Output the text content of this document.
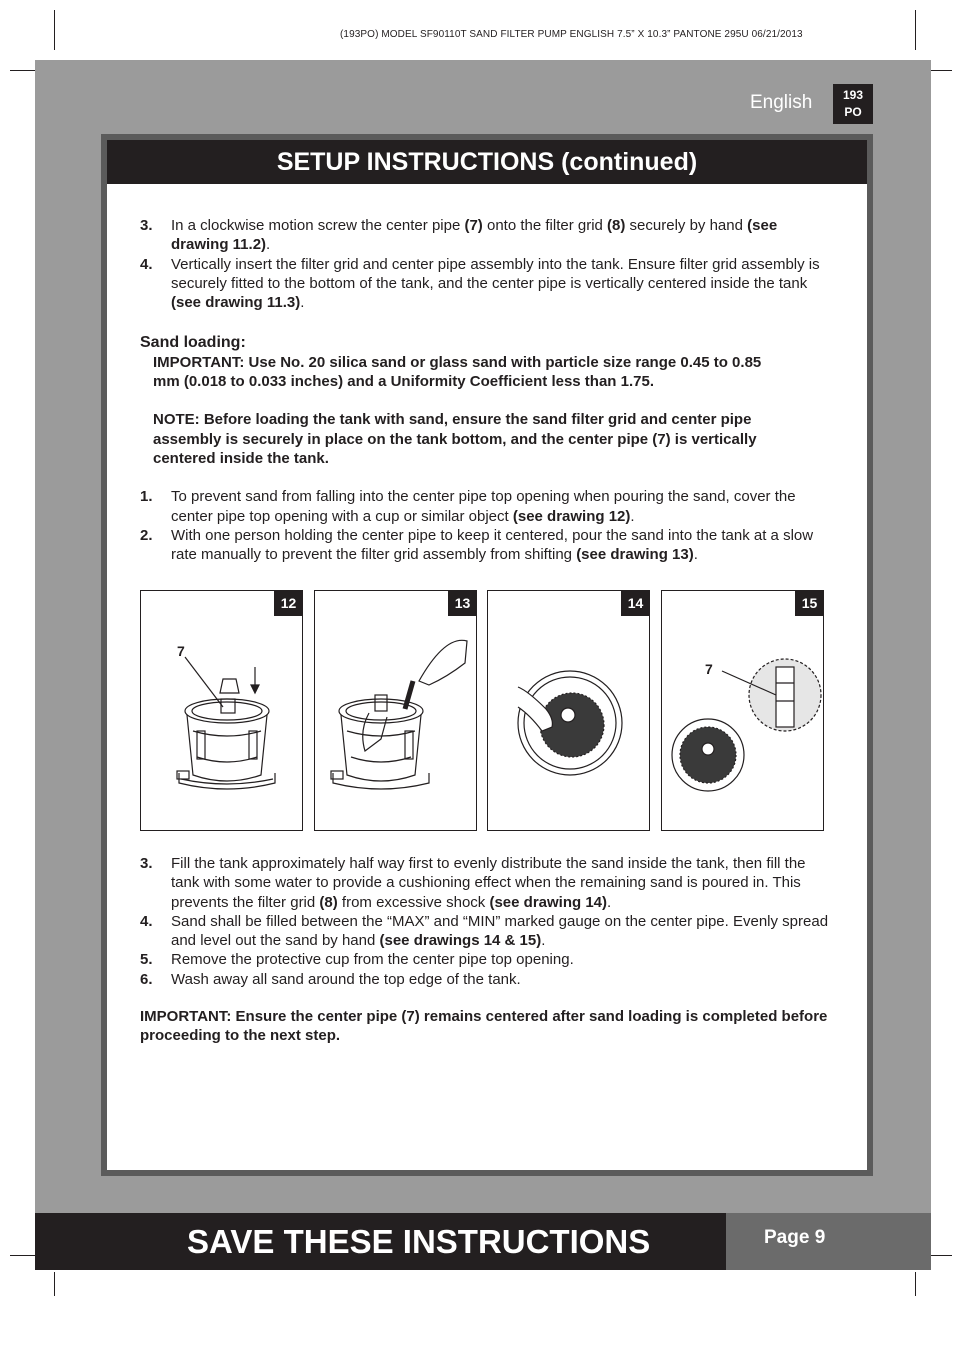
(193PO) MODEL SF90110T SAND FILTER PUMP ENGLISH 7.5” X 10.3” PANTONE 295U 06/21/2013
English	193
PO
SETUP INSTRUCTIONS (continued)
3. In a clockwise motion screw the center pipe (7) onto the filter grid (8) securely by hand (see drawing 11.2).
4. Vertically insert the filter grid and center pipe assembly into the tank. Ensure filter grid assembly is securely fitted to the bottom of the tank, and the center pipe is vertically centered inside the tank (see drawing 11.3).
Sand loading:
IMPORTANT: Use No. 20 silica sand or glass sand with particle size range 0.45 to 0.85 mm (0.018 to 0.033 inches) and a Uniformity Coefficient less than 1.75.
NOTE: Before loading the tank with sand, ensure the sand filter grid and center pipe assembly is securely in place on the tank bottom, and the center pipe (7) is vertically centered inside the tank.
1. To prevent sand from falling into the center pipe top opening when pouring the sand, cover the center pipe top opening with a cup or similar object (see drawing 12).
2. With one person holding the center pipe to keep it centered, pour the sand into the tank at a slow rate manually to prevent the filter grid assembly from shifting (see drawing 13).
12
7
13	14	15
7
3. Fill the tank approximately half way first to evenly distribute the sand inside the tank, then fill the tank with some water to provide a cushioning effect when the remaining sand is poured in. This prevents the filter grid (8) from excessive shock (see drawing 14).
4. Sand shall be filled between the “MAX” and “MIN” marked gauge on the center pipe. Evenly spread and level out the sand by hand (see drawings 14 & 15).
5. Remove the protective cup from the center pipe top opening.
6. Wash away all sand around the top edge of the tank.
IMPORTANT: Ensure the center pipe (7) remains centered after sand loading is completed before proceeding to the next step.
SAVE THESE INSTRUCTIONS	Page 9
